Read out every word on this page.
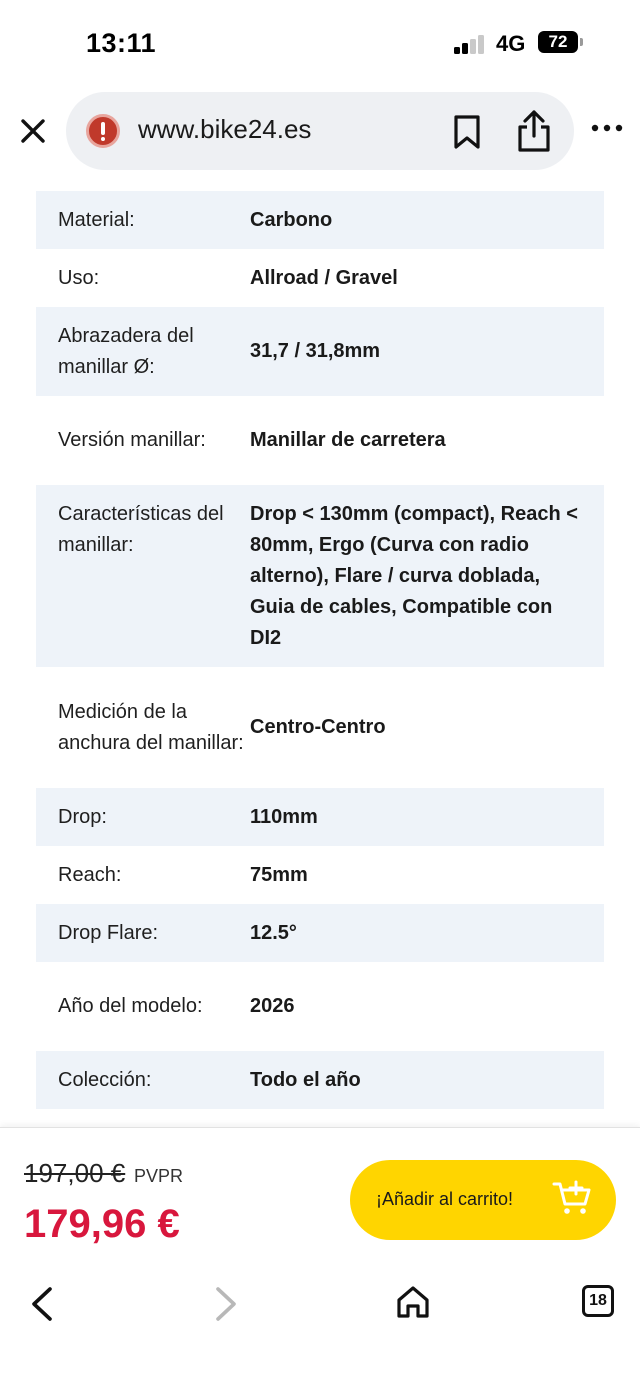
13:11	4G	72
www.bike24.es
Material:	Carbono
Uso:	Allroad / Gravel
Abrazadera del manillar Ø:
31,7 / 31,8mm
Versión manillar:	Manillar de carretera
Características del manillar:
Drop < 130mm (compact), Reach < 80mm, Ergo (Curva con radio alterno), Flare / curva doblada, Guia de cables, Compatible con DI2
Medición de la anchura del manillar:
Centro-Centro
Drop:	110mm
Reach:	75mm
Drop Flare:	12.5°
Año del modelo: 2026
Colección:	Todo el año
197,00 € PVPR
179,96 €
¡Añadir al carrito!
18
